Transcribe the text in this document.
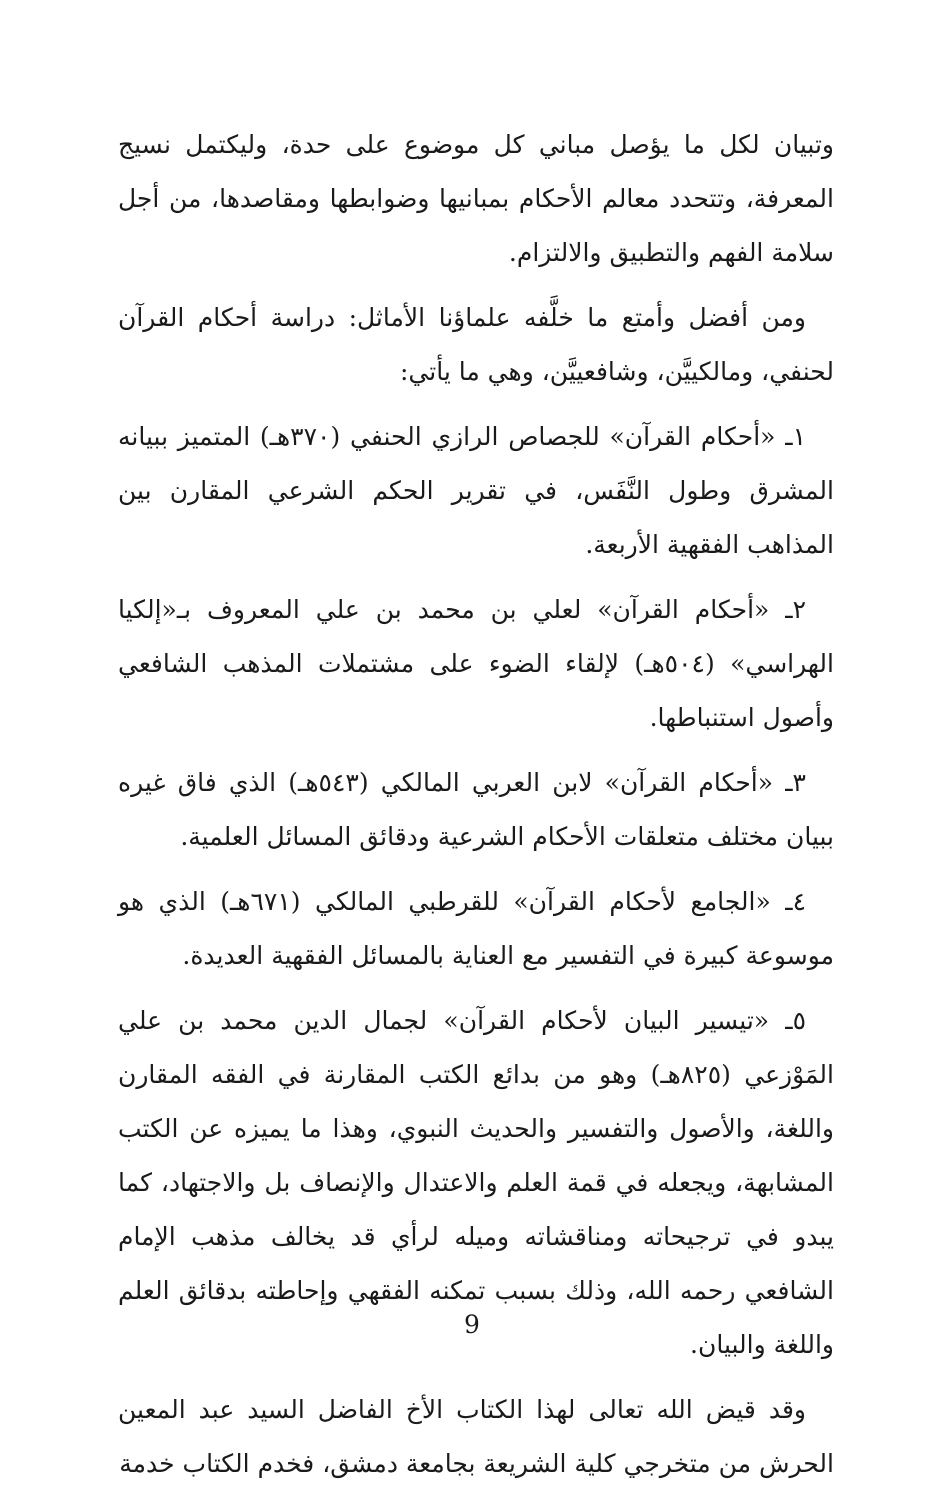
وتبيان لكل ما يؤصل مباني كل موضوع على حدة، وليكتمل نسيج المعرفة، وتتحدد معالم الأحكام بمبانيها وضوابطها ومقاصدها، من أجل سلامة الفهم والتطبيق والالتزام.

ومن أفضل وأمتع ما خلَّفه علماؤنا الأماثل: دراسة أحكام القرآن لحنفي، ومالكييَّن، وشافعييَّن، وهي ما يأتي:

١ـ «أحكام القرآن» للجصاص الرازي الحنفي (٣٧٠هـ) المتميز ببيانه المشرق وطول النَّفَس، في تقرير الحكم الشرعي المقارن بين المذاهب الفقهية الأربعة.

٢ـ «أحكام القرآن» لعلي بن محمد بن علي المعروف بـ«إلكيا الهراسي» (٥٠٤هـ) لإلقاء الضوء على مشتملات المذهب الشافعي وأصول استنباطها.

٣ـ «أحكام القرآن» لابن العربي المالكي (٥٤٣هـ) الذي فاق غيره ببيان مختلف متعلقات الأحكام الشرعية ودقائق المسائل العلمية.

٤ـ «الجامع لأحكام القرآن» للقرطبي المالكي (٦٧١هـ) الذي هو موسوعة كبيرة في التفسير مع العناية بالمسائل الفقهية العديدة.

٥ـ «تيسير البيان لأحكام القرآن» لجمال الدين محمد بن علي المَوْزعي (٨٢٥هـ) وهو من بدائع الكتب المقارنة في الفقه المقارن واللغة، والأصول والتفسير والحديث النبوي، وهذا ما يميزه عن الكتب المشابهة، ويجعله في قمة العلم والاعتدال والإنصاف بل والاجتهاد، كما يبدو في ترجيحاته ومناقشاته وميله لرأي قد يخالف مذهب الإمام الشافعي رحمه الله، وذلك بسبب تمكنه الفقهي وإحاطته بدقائق العلم واللغة والبيان.

وقد قيض الله تعالى لهذا الكتاب الأخ الفاضل السيد عبد المعين الحرش من متخرجي كلية الشريعة بجامعة دمشق، فخدم الكتاب خدمة

9
